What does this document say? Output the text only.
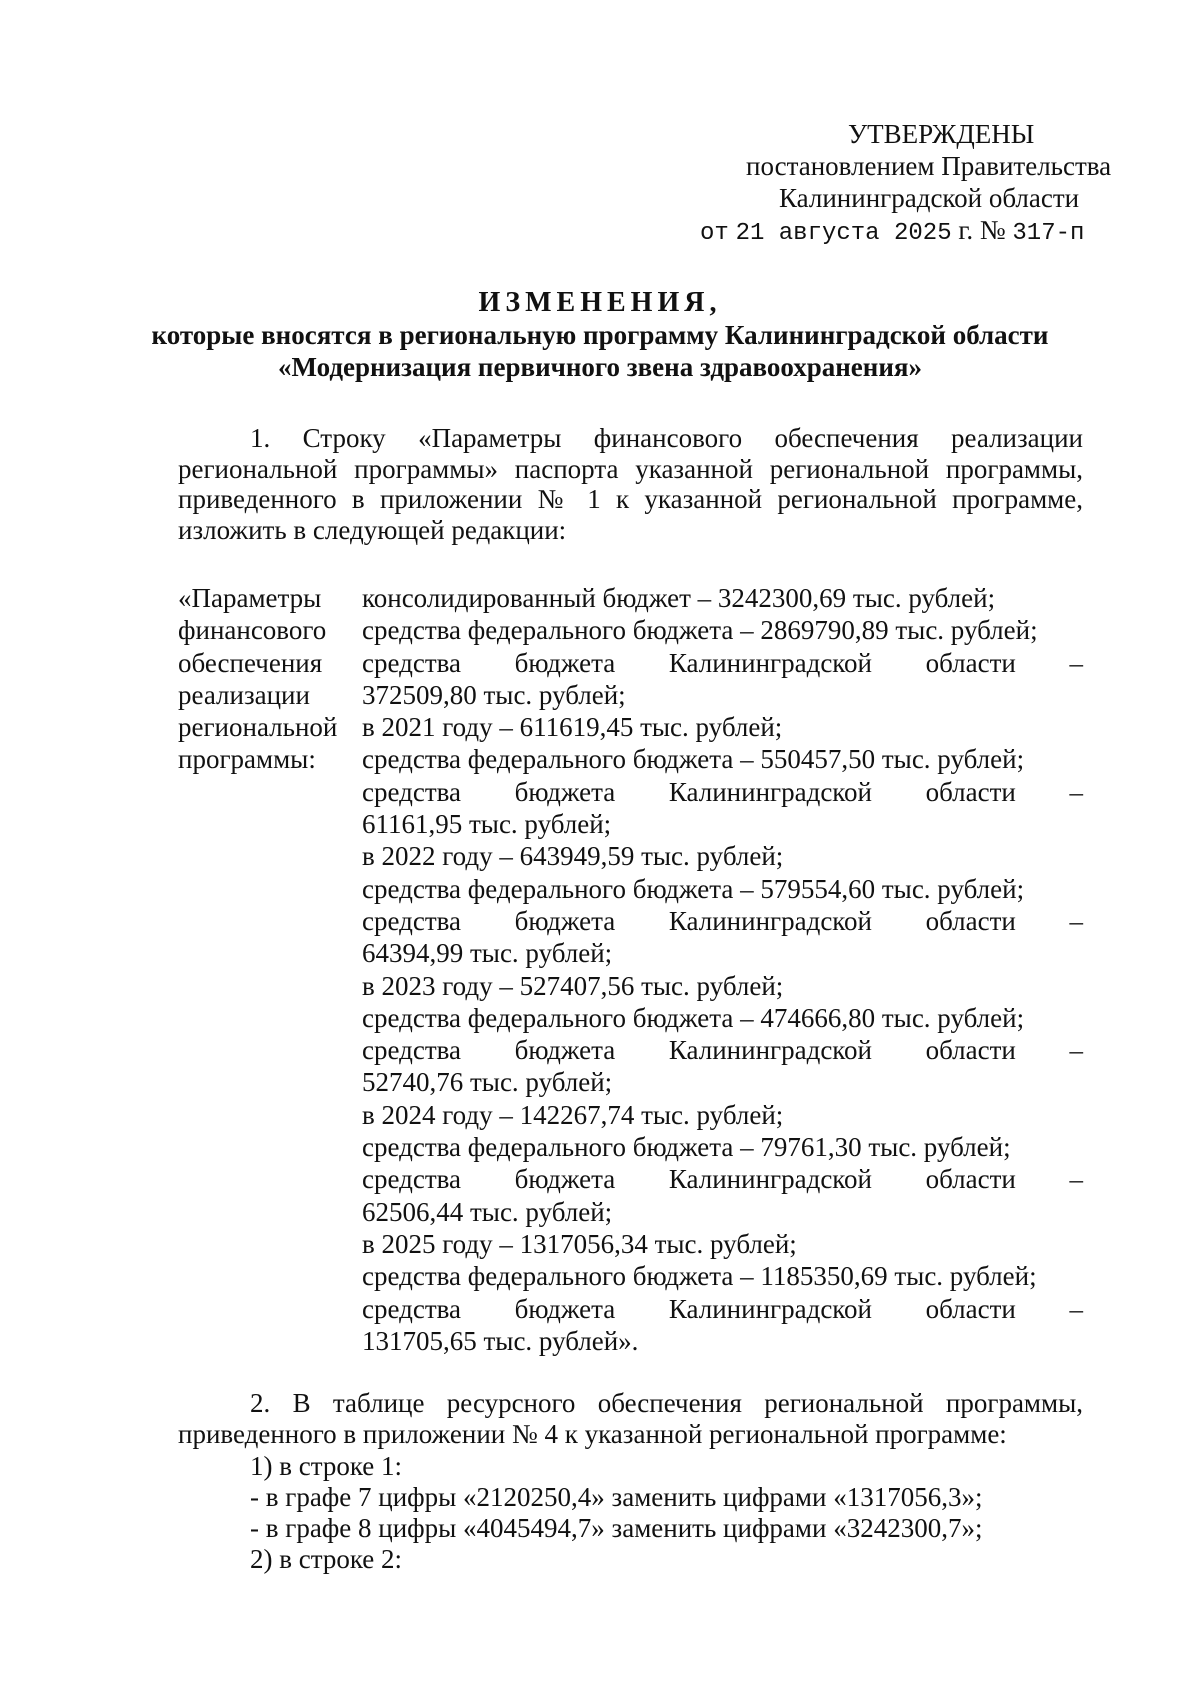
УТВЕРЖДЕНЫ
постановлением Правительства
Калининградской области
от 21 августа 2025 г. № 317-п
ИЗМЕНЕНИЯ,
которые вносятся в региональную программу Калининградской области
«Модернизация первичного звена здравоохранения»
1. Строку «Параметры финансового обеспечения реализации региональной программы» паспорта указанной региональной программы, приведенного в приложении № 1 к указанной региональной программе, изложить в следующей редакции:
«Параметры
финансового
обеспечения
реализации
региональной
программы:
консолидированный бюджет – 3242300,69 тыс. рублей;
средства федерального бюджета – 2869790,89 тыс. рублей;
средства бюджета Калининградской области –
372509,80 тыс. рублей;
в 2021 году – 611619,45 тыс. рублей;
средства федерального бюджета – 550457,50 тыс. рублей;
средства бюджета Калининградской области –
61161,95 тыс. рублей;
в 2022 году – 643949,59 тыс. рублей;
средства федерального бюджета – 579554,60 тыс. рублей;
средства бюджета Калининградской области –
64394,99 тыс. рублей;
в 2023 году – 527407,56 тыс. рублей;
средства федерального бюджета – 474666,80 тыс. рублей;
средства бюджета Калининградской области –
52740,76 тыс. рублей;
в 2024 году – 142267,74 тыс. рублей;
средства федерального бюджета – 79761,30 тыс. рублей;
средства бюджета Калининградской области –
62506,44 тыс. рублей;
в 2025 году – 1317056,34 тыс. рублей;
средства федерального бюджета – 1185350,69 тыс. рублей;
средства бюджета Калининградской области –
131705,65 тыс. рублей».
2. В таблице ресурсного обеспечения региональной программы, приведенного в приложении № 4 к указанной региональной программе:
1) в строке 1:
- в графе 7 цифры «2120250,4» заменить цифрами «1317056,3»;
- в графе 8 цифры «4045494,7» заменить цифрами «3242300,7»;
2) в строке 2:
